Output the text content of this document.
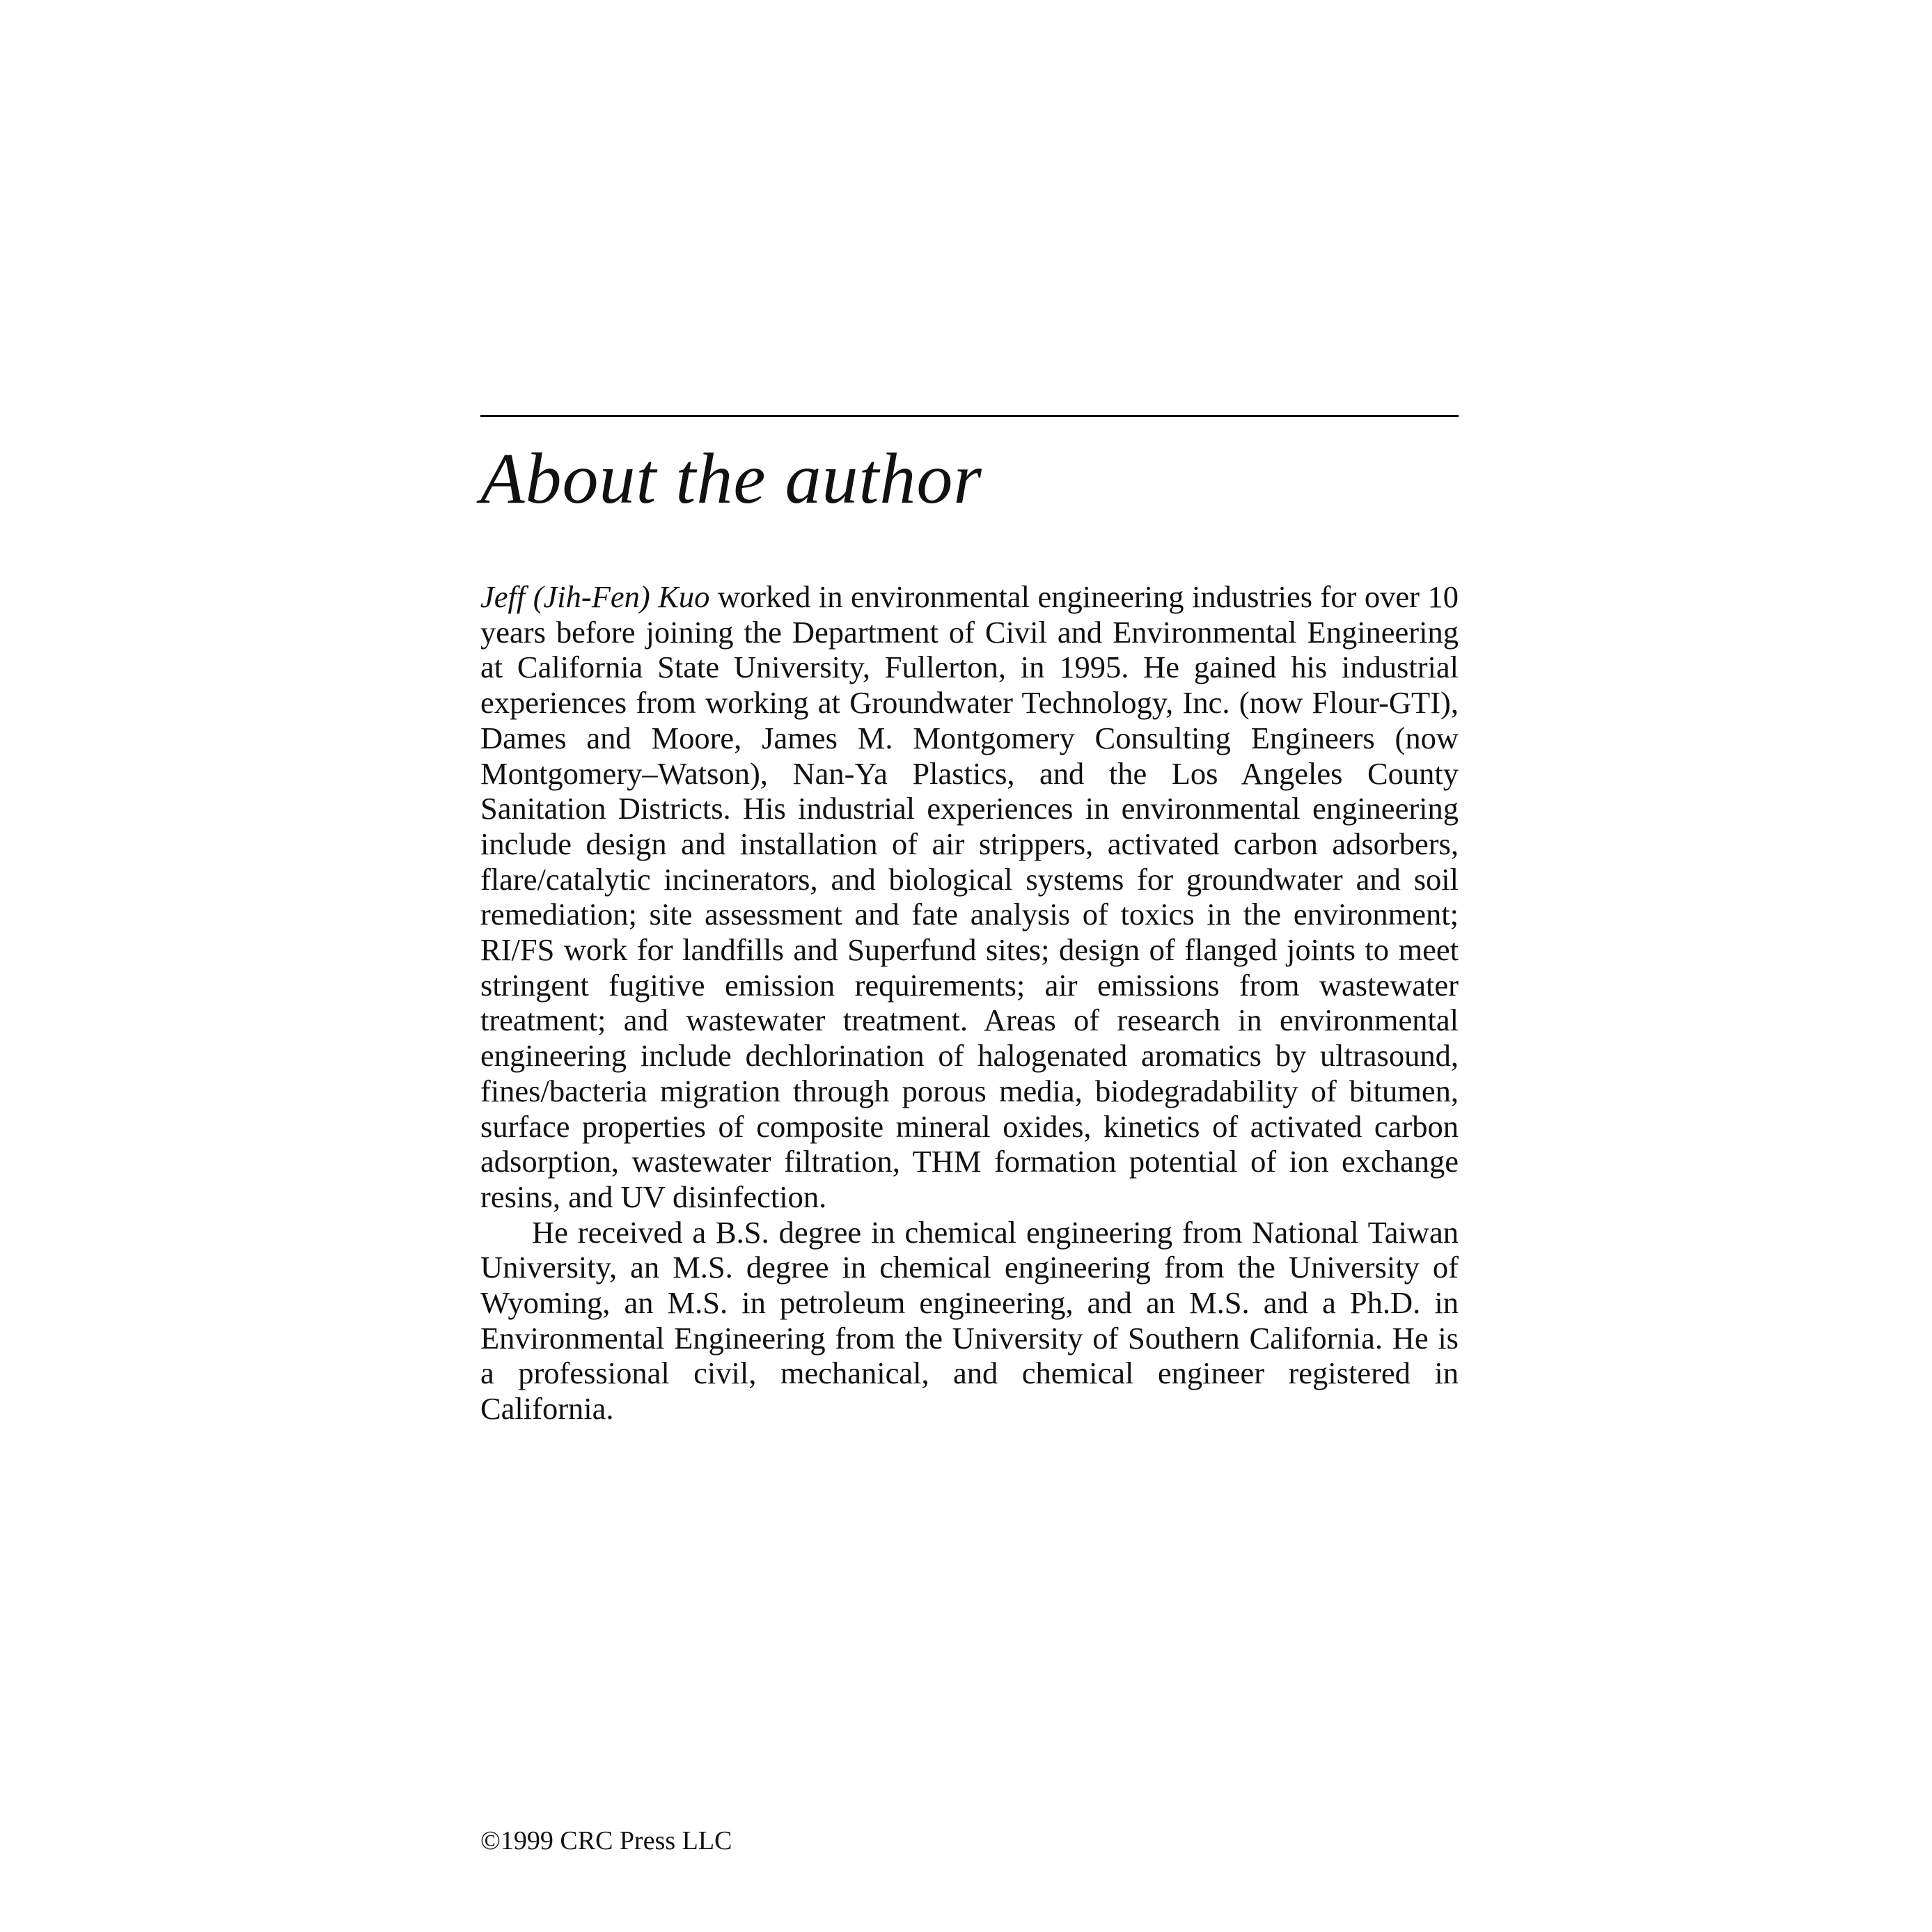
About the author

Jeff (Jih-Fen) Kuo worked in environmental engineering industries for over 10 years before joining the Department of Civil and Environmental Engineering at California State University, Fullerton, in 1995. He gained his industrial experiences from working at Groundwater Technology, Inc. (now Flour-GTI), Dames and Moore, James M. Montgomery Consulting Engineers (now Montgomery–Watson), Nan-Ya Plastics, and the Los Angeles County Sanitation Districts. His industrial experiences in environmental engineering include design and installation of air strippers, activated carbon adsorbers, flare/catalytic incinerators, and biological systems for groundwater and soil remediation; site assessment and fate analysis of toxics in the environment; RI/FS work for landfills and Superfund sites; design of flanged joints to meet stringent fugitive emission requirements; air emissions from wastewater treatment; and wastewater treatment. Areas of research in environmental engineering include dechlorination of halogenated aromatics by ultrasound, fines/bacteria migration through porous media, biodegradability of bitumen, surface properties of composite mineral oxides, kinetics of activated carbon adsorption, wastewater filtration, THM formation potential of ion exchange resins, and UV disinfection.

He received a B.S. degree in chemical engineering from National Taiwan University, an M.S. degree in chemical engineering from the University of Wyoming, an M.S. in petroleum engineering, and an M.S. and a Ph.D. in Environmental Engineering from the University of Southern California. He is a professional civil, mechanical, and chemical engineer registered in California.

©1999 CRC Press LLC
